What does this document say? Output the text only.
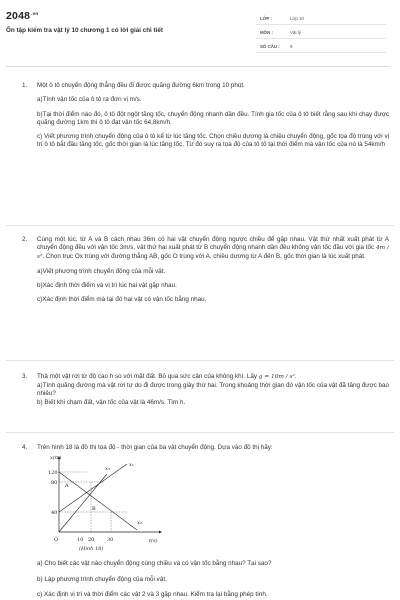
$2048^{.vn}$
Ôn tập kiểm tra vật lý 10 chương 1 có lời giải chi tiết
LỚP :	Lớp 10
MÔN :	Vật lý
SỐ CÂU : 9
1. Một ô tô chuyển động thẳng đều đi được quãng đường 6km trong 10 phút.

a)Tính vận tốc của ô tô ra đơn vị m/s.

b)Tại thời điểm nào đó, ô tô đột ngột tăng tốc, chuyển động nhanh dần đều. Tính gia tốc của ô tô biết rằng sau khi chạy được quãng đường 1km thì ô tô đạt vận tốc 64,8km/h.

c) Viết phương trình chuyển động của ô tô kể từ lúc tăng tốc. Chọn chiều dương là chiều chuyển động, gốc tọa độ trùng với vị trí ô tô bắt đầu tăng tốc, gốc thời gian là lúc tăng tốc. Từ đó suy ra tọa độ của tô tô tại thời điểm mà vận tốc của nó là 54km/h

2. Cùng một lúc, từ A và B cách nhau 36m có hai vật chuyển động ngược chiều để gặp nhau. Vật thứ nhất xuất phát từ A chuyển động đều với vận tốc 3m/s, vật thứ hai xuất phát từ B chuyển động nhanh dần đều không vận tốc đầu với gia tốc 4m / s². Chọn trục Ox trùng với đường thẳng AB, gốc O trùng với A, chiều dương từ A đến B, gốc thời gian là lúc xuất phát.

a)Viết phương trình chuyển động của mỗi vật.

b)Xác định thời điểm và vị trí lúc hai vật gặp nhau.

c)Xác định thời điểm mà tại đó hai vật có vận tốc bằng nhau.

3. Thả một vật rơi từ độ cao h so với mặt đất. Bỏ qua sức cản của không khí. Lấy g = 10m / s².

a)Tính quãng đường mà vật rơi tự do đi được trong giây thứ hai. Trong khoảng thời gian đó vận tốc của vật đã tăng được bao nhiêu?

b) Biết khi chạm đất, vận tốc của vật là 46m/s. Tìm h.

4. Trên hình 18 là đồ thị tọa độ - thời gian của ba vật chuyển động. Dựa vào đồ thị hãy:

120
80
40
O	10 20	30
x(m)
t(s)
x₁
x₂
x₃
A
B
(Hình 18)

a) Cho biết các vật nào chuyển động cùng chiều và có vận tốc bằng nhau? Tại sao?

b) Lập phương trình chuyển động của mỗi vật.

c) Xác định vị trí và thời điểm các vật 2 và 3 gặp nhau. Kiểm tra lại bằng phép tính.
